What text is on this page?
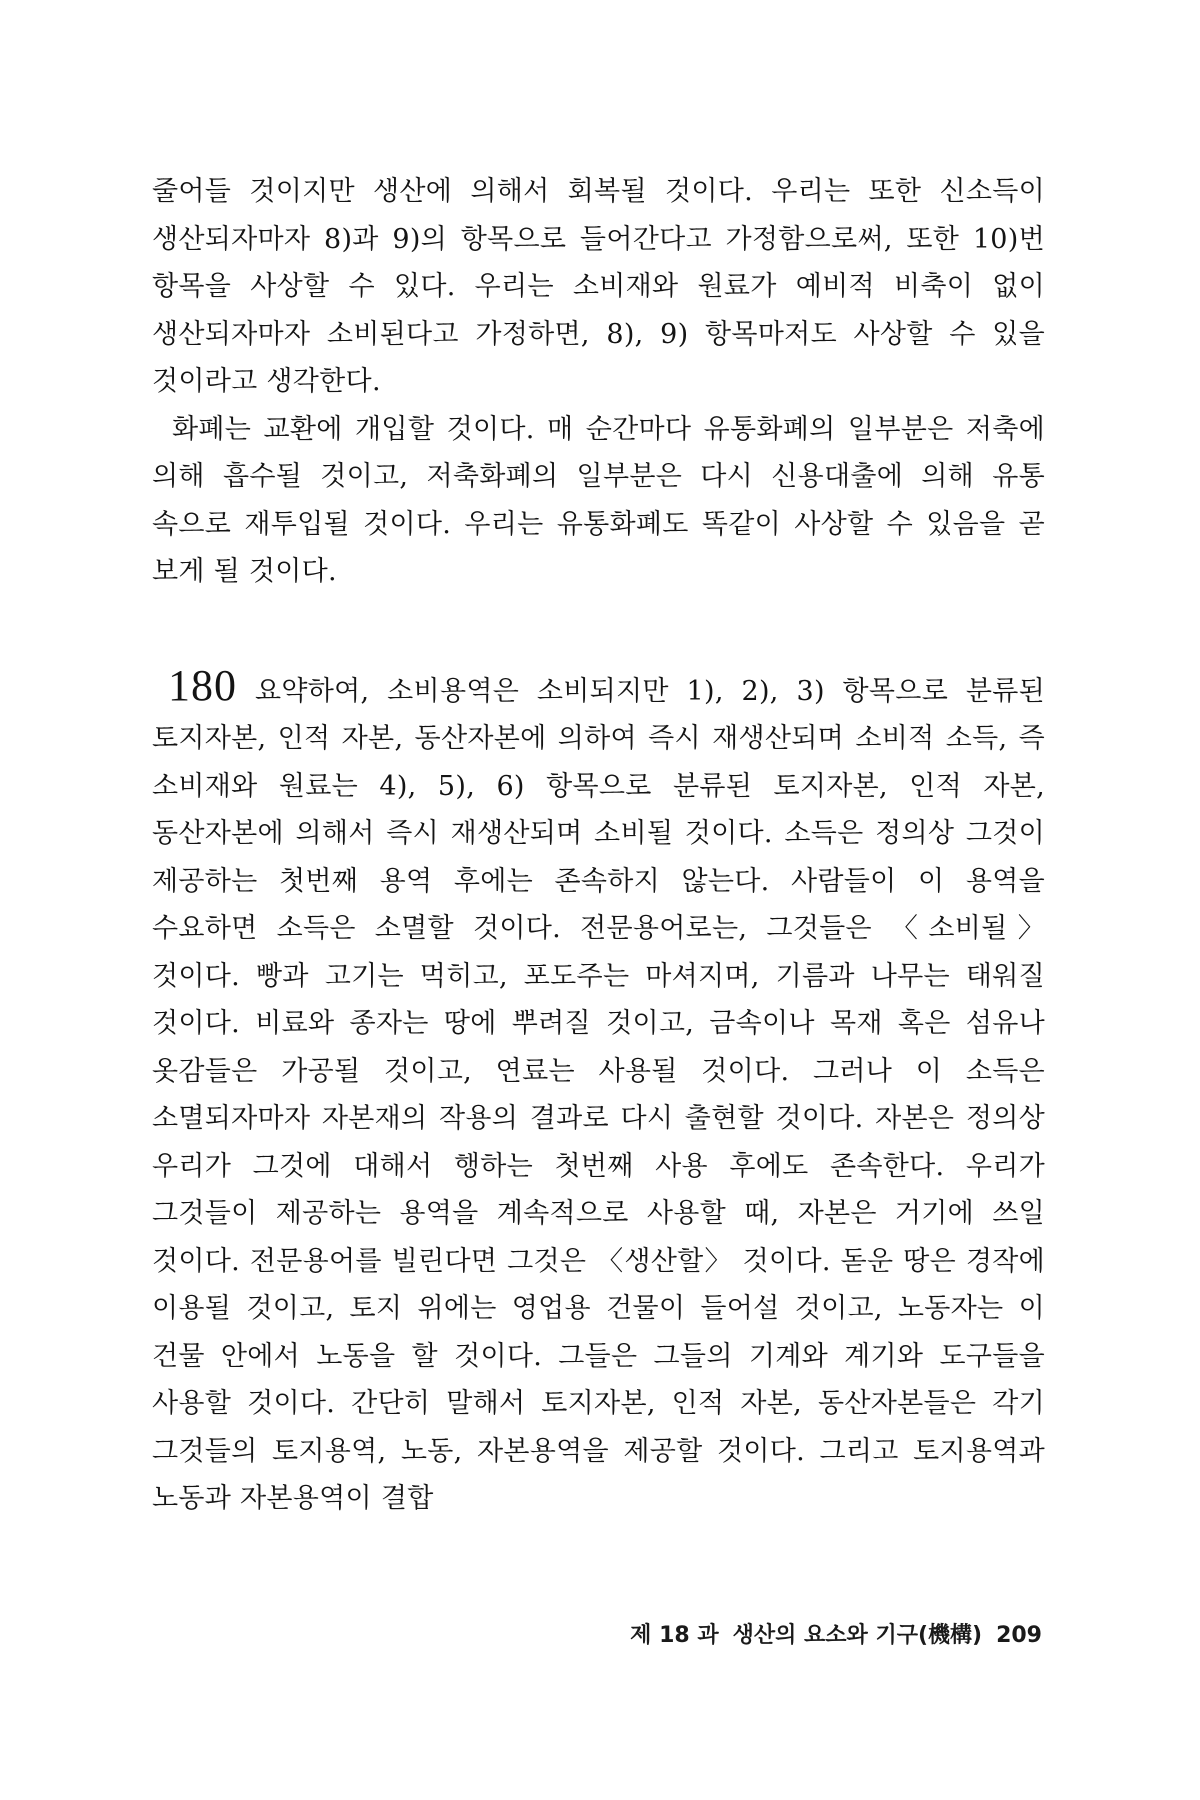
줄어들 것이지만 생산에 의해서 회복될 것이다. 우리는 또한 신소득이 생산되자마자 8)과 9)의 항목으로 들어간다고 가정함으로써, 또한 10)번 항목을 사상할 수 있다. 우리는 소비재와 원료가 예비적 비축이 없이 생산되자마자 소비된다고 가정하면, 8), 9) 항목마저도 사상할 수 있을 것이라고 생각한다.

화폐는 교환에 개입할 것이다. 매 순간마다 유통화폐의 일부분은 저축에 의해 흡수될 것이고, 저축화폐의 일부분은 다시 신용대출에 의해 유통 속으로 재투입될 것이다. 우리는 유통화폐도 똑같이 사상할 수 있음을 곧 보게 될 것이다.

180 요약하여, 소비용역은 소비되지만 1), 2), 3) 항목으로 분류된 토지자본, 인적 자본, 동산자본에 의하여 즉시 재생산되며 소비적 소득, 즉 소비재와 원료는 4), 5), 6) 항목으로 분류된 토지자본, 인적 자본, 동산자본에 의해서 즉시 재생산되며 소비될 것이다. 소득은 정의상 그것이 제공하는 첫번째 용역 후에는 존속하지 않는다. 사람들이 이 용역을 수요하면 소득은 소멸할 것이다. 전문용어로는, 그것들은 〈소비될〉 것이다. 빵과 고기는 먹히고, 포도주는 마셔지며, 기름과 나무는 태워질 것이다. 비료와 종자는 땅에 뿌려질 것이고, 금속이나 목재 혹은 섬유나 옷감들은 가공될 것이고, 연료는 사용될 것이다. 그러나 이 소득은 소멸되자마자 자본재의 작용의 결과로 다시 출현할 것이다. 자본은 정의상 우리가 그것에 대해서 행하는 첫번째 사용 후에도 존속한다. 우리가 그것들이 제공하는 용역을 계속적으로 사용할 때, 자본은 거기에 쓰일 것이다. 전문용어를 빌린다면 그것은 〈생산할〉 것이다. 돋운 땅은 경작에 이용될 것이고, 토지 위에는 영업용 건물이 들어설 것이고, 노동자는 이 건물 안에서 노동을 할 것이다. 그들은 그들의 기계와 계기와 도구들을 사용할 것이다. 간단히 말해서 토지자본, 인적 자본, 동산자본들은 각기 그것들의 토지용역, 노동, 자본용역을 제공할 것이다. 그리고 토지용역과 노동과 자본용역이 결합

제 18 과 생산의 요소와 기구(機構) 209
